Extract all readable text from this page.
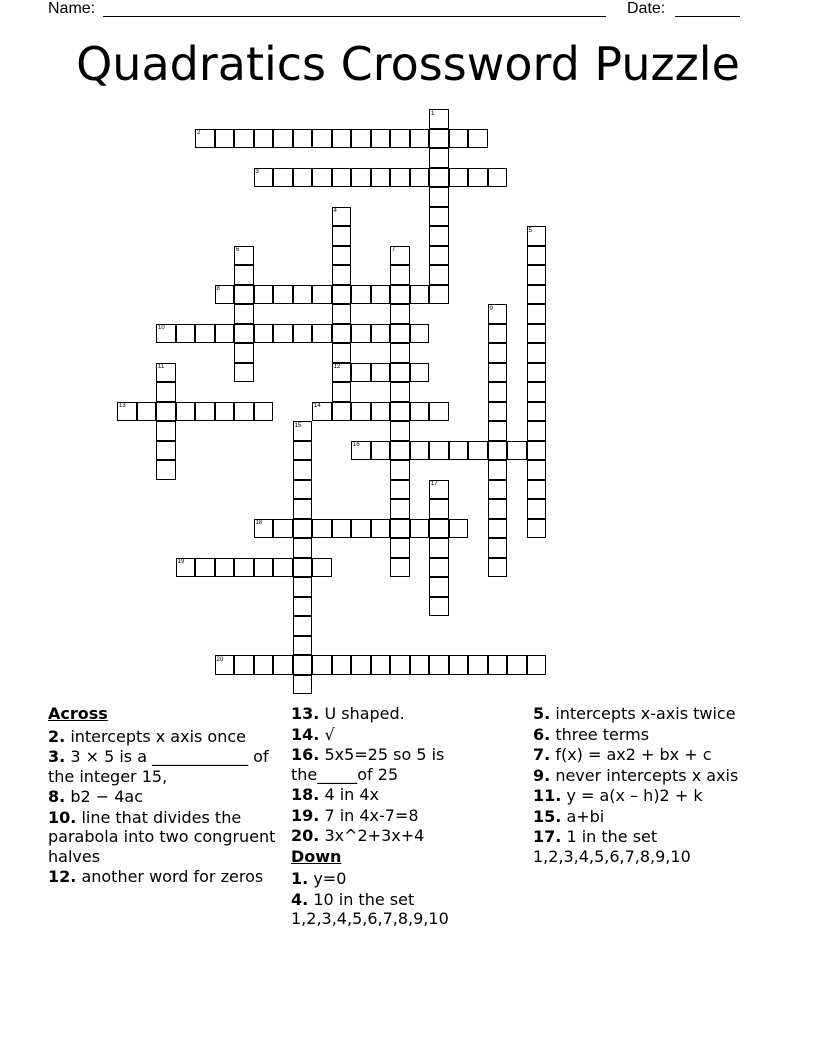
Name:	Date:
Quadratics Crossword Puzzle
1
2
3
4
5
6	7
8
9
10
11	12
13	14
15
16
17
18
19
20
Across
2. intercepts x axis once
3. 3 × 5 is a ____________ of the integer 15,
8. b2 − 4ac
10. line that divides the parabola into two congruent halves
12. another word for zeros
13. U shaped.
14. √
16. 5x5=25 so 5 is the_____of 25
18. 4 in 4x
19. 7 in 4x-7=8
20. 3x^2+3x+4
Down
1. y=0
4. 10 in the set 1,2,3,4,5,6,7,8,9,10
5. intercepts x-axis twice
6. three terms
7. f(x) = ax2 + bx + c
9. never intercepts x axis
11. y = a(x – h)2 + k
15. a+bi
17. 1 in the set 1,2,3,4,5,6,7,8,9,10
